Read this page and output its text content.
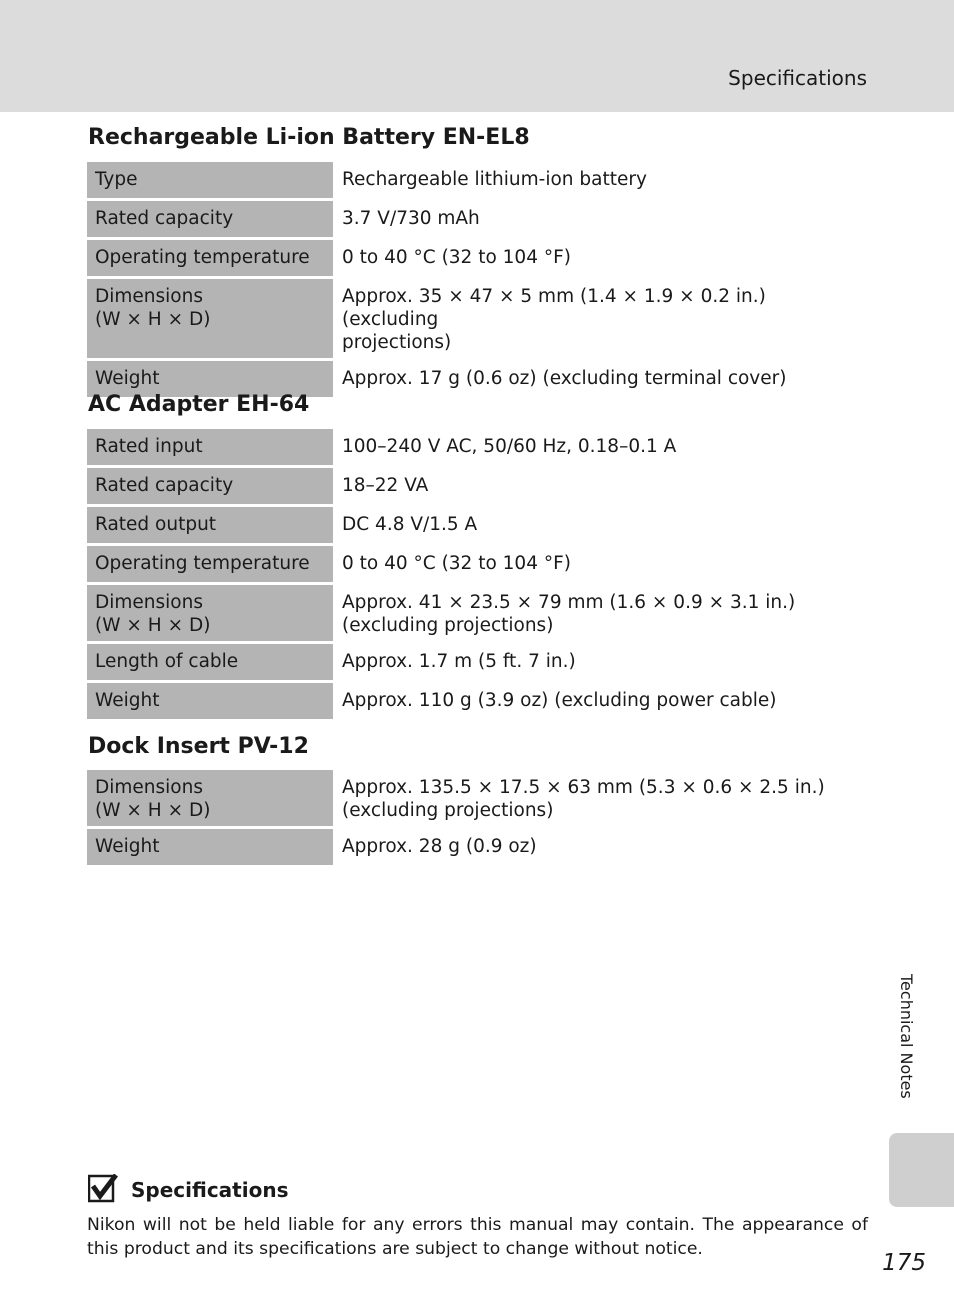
Specifications
Rechargeable Li-ion Battery EN-EL8
Type	Rechargeable lithium-ion battery

Rated capacity	3.7 V/730 mAh

Operating temperature	0 to 40 °C (32 to 104 °F)

Dimensions
(W × H × D)	Approx. 35 × 47 × 5 mm (1.4 × 1.9 × 0.2 in.) (excluding
projections)

Weight	Approx. 17 g (0.6 oz) (excluding terminal cover)
AC Adapter EH-64
Rated input	100–240 V AC, 50/60 Hz, 0.18–0.1 A

Rated capacity	18–22 VA

Rated output	DC 4.8 V/1.5 A

Operating temperature	0 to 40 °C (32 to 104 °F)

Dimensions
(W × H × D)	Approx. 41 × 23.5 × 79 mm (1.6 × 0.9 × 3.1 in.)
(excluding projections)

Length of cable	Approx. 1.7 m (5 ft. 7 in.)

Weight	Approx. 110 g (3.9 oz) (excluding power cable)
Dock Insert PV-12
Dimensions
(W × H × D)	Approx. 135.5 × 17.5 × 63 mm (5.3 × 0.6 × 2.5 in.)
(excluding projections)

Weight	Approx. 28 g (0.9 oz)
Technical Notes
Specifications

Nikon will not be held liable for any errors this manual may contain. The appearance of this product and its specifications are subject to change without notice.

175
